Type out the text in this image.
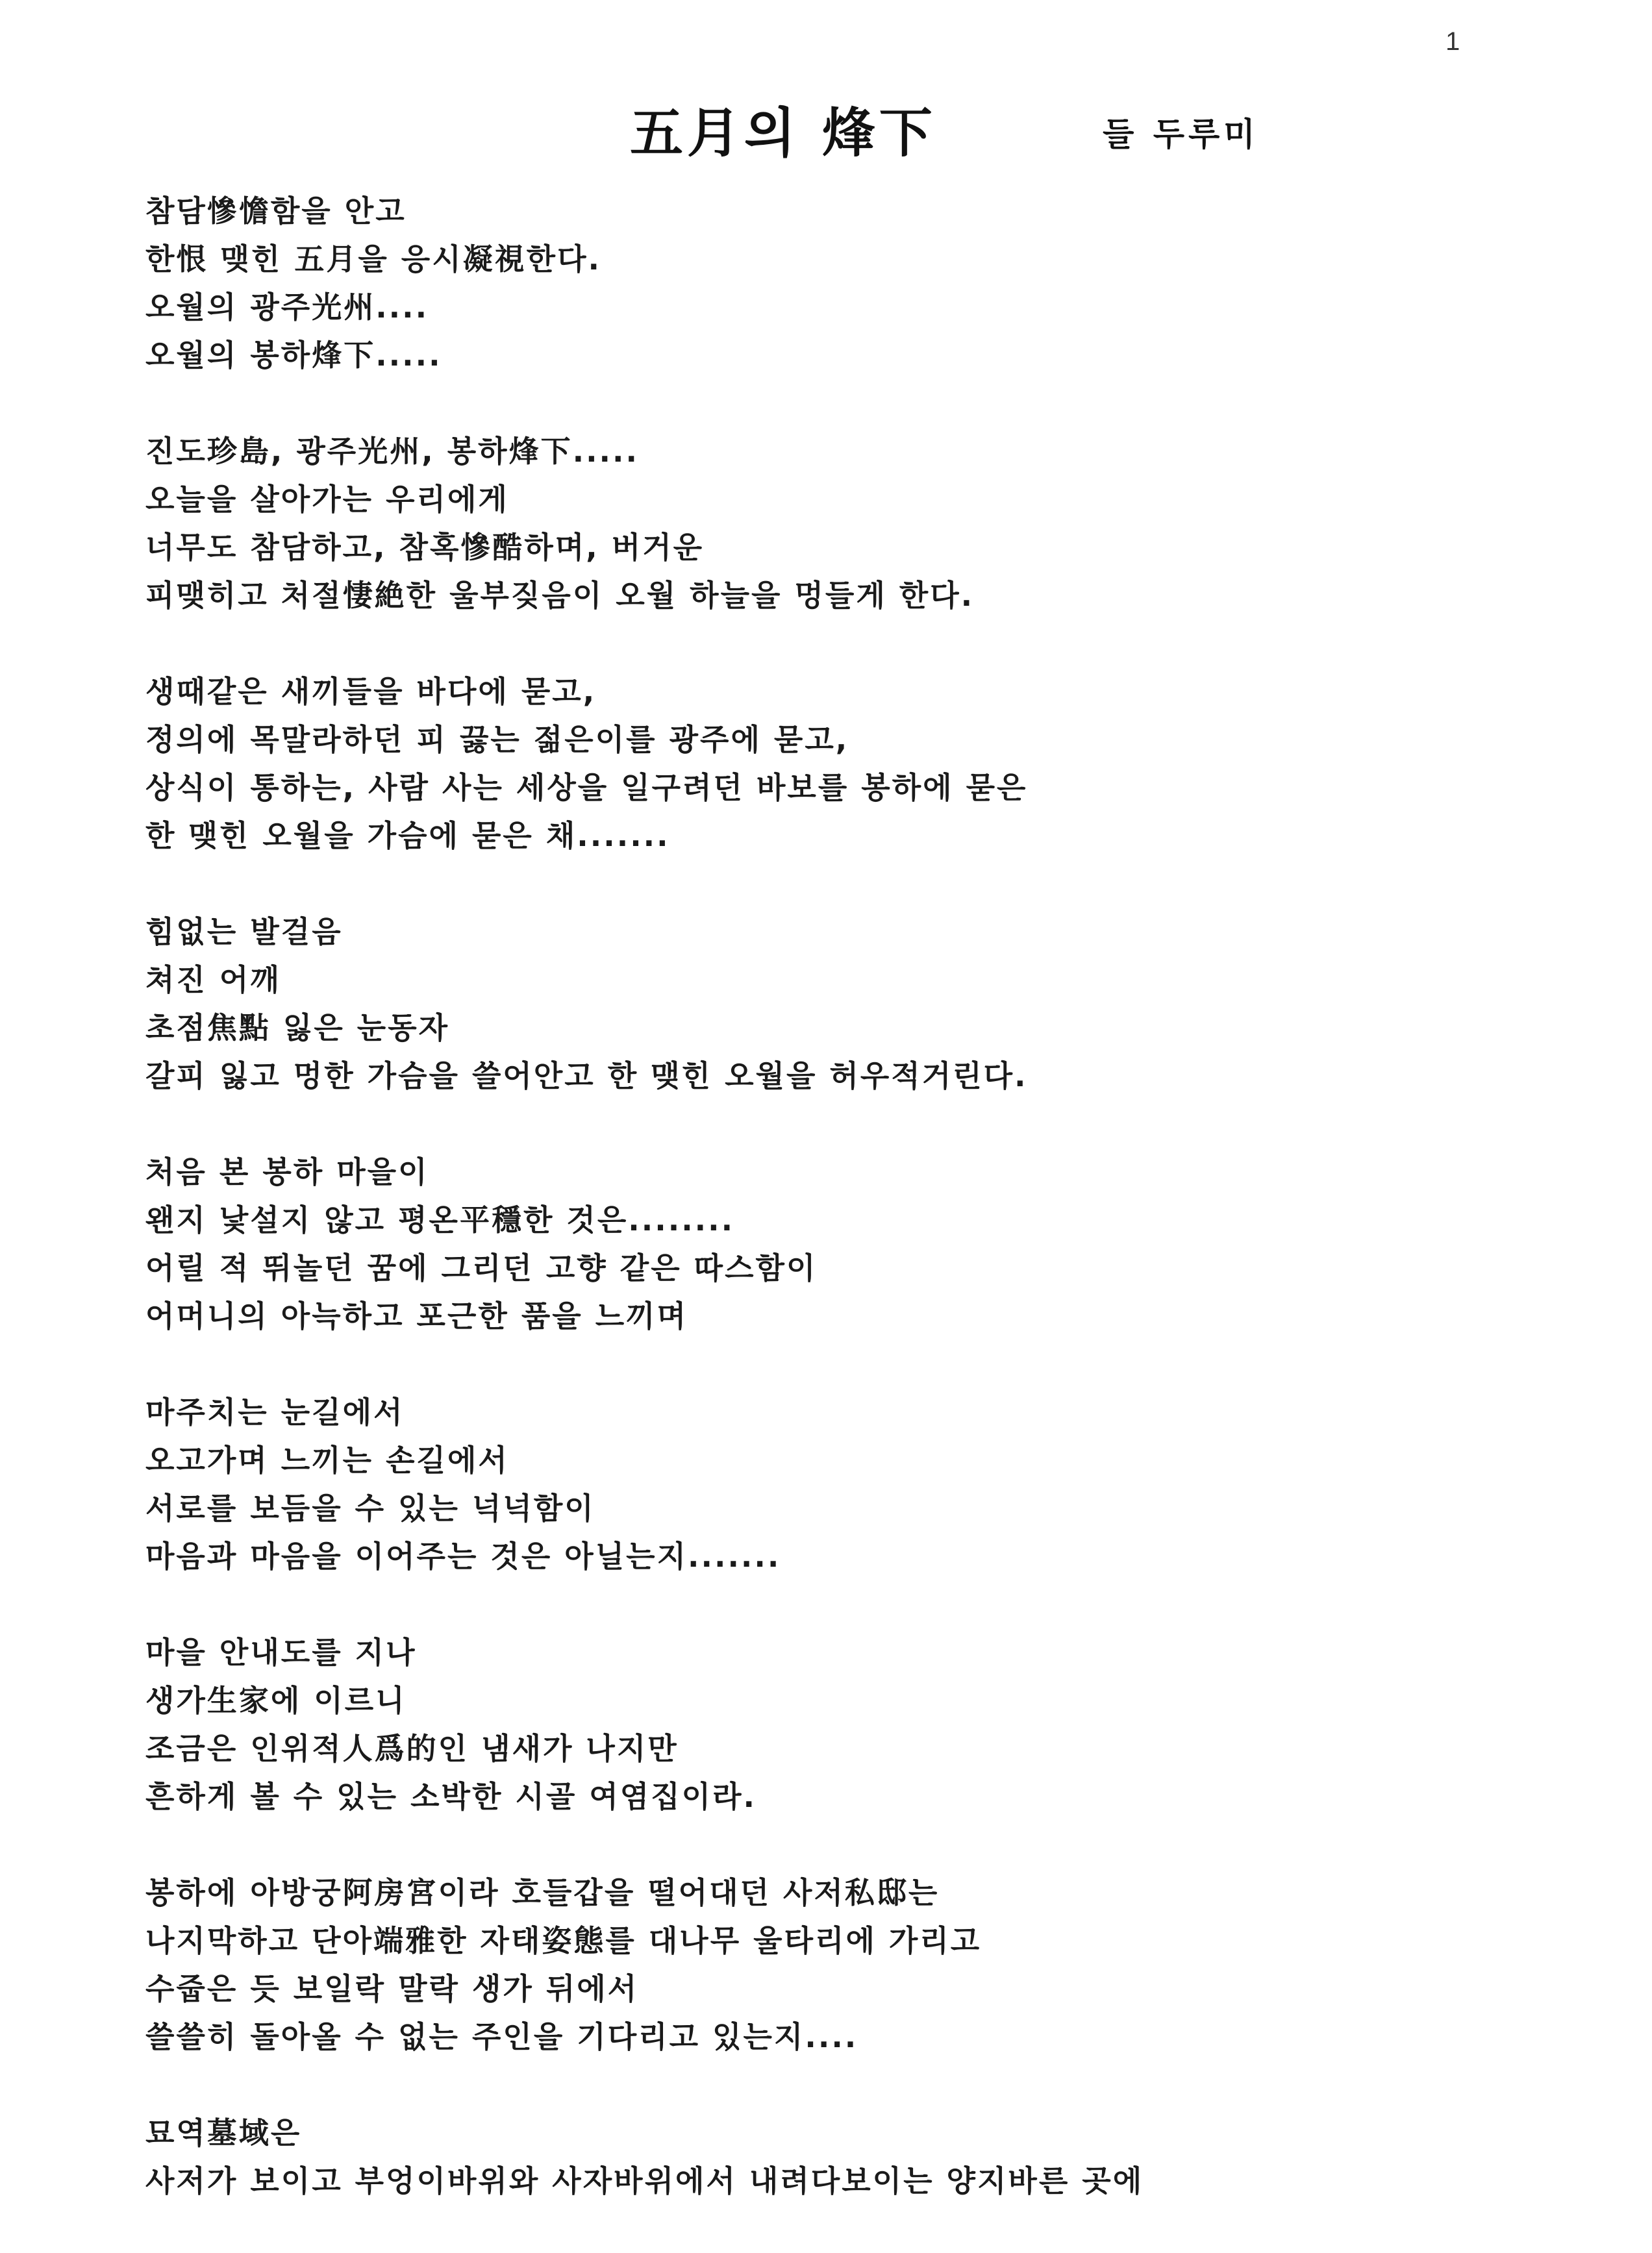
1
五月의 烽下	들 두루미
참담慘憺함을 안고
한恨 맺힌 五月을 응시凝視한다.
오월의 광주光州....
오월의 봉하烽下.....
진도珍島, 광주光州, 봉하烽下.....
오늘을 살아가는 우리에게
너무도 참담하고, 참혹慘酷하며, 버거운
피맺히고 처절悽絶한 울부짖음이 오월 하늘을 멍들게 한다.
생때같은 새끼들을 바다에 묻고,
정의에 목말라하던 피 끓는 젊은이를 광주에 묻고,
상식이 통하는, 사람 사는 세상을 일구려던 바보를 봉하에 묻은
한 맺힌 오월을 가슴에 묻은 채.......
힘없는 발걸음
쳐진 어깨
초점焦點 잃은 눈동자
갈피 잃고 멍한 가슴을 쓸어안고 한 맺힌 오월을 허우적거린다.
처음 본 봉하 마을이
왠지 낯설지 않고 평온平穩한 것은........
어릴 적 뛰놀던 꿈에 그리던 고향 같은 따스함이
어머니의 아늑하고 포근한 품을 느끼며
마주치는 눈길에서
오고가며 느끼는 손길에서
서로를 보듬을 수 있는 넉넉함이
마음과 마음을 이어주는 것은 아닐는지.......
마을 안내도를 지나
생가生家에 이르니
조금은 인위적人爲的인 냄새가 나지만
흔하게 볼 수 있는 소박한 시골 여염집이라.
봉하에 아방궁阿房宮이라 호들갑을 떨어대던 사저私邸는
나지막하고 단아端雅한 자태姿態를 대나무 울타리에 가리고
수줍은 듯 보일락 말락 생가 뒤에서
쓸쓸히 돌아올 수 없는 주인을 기다리고 있는지....
묘역墓域은
사저가 보이고 부엉이바위와 사자바위에서 내려다보이는 양지바른 곳에
